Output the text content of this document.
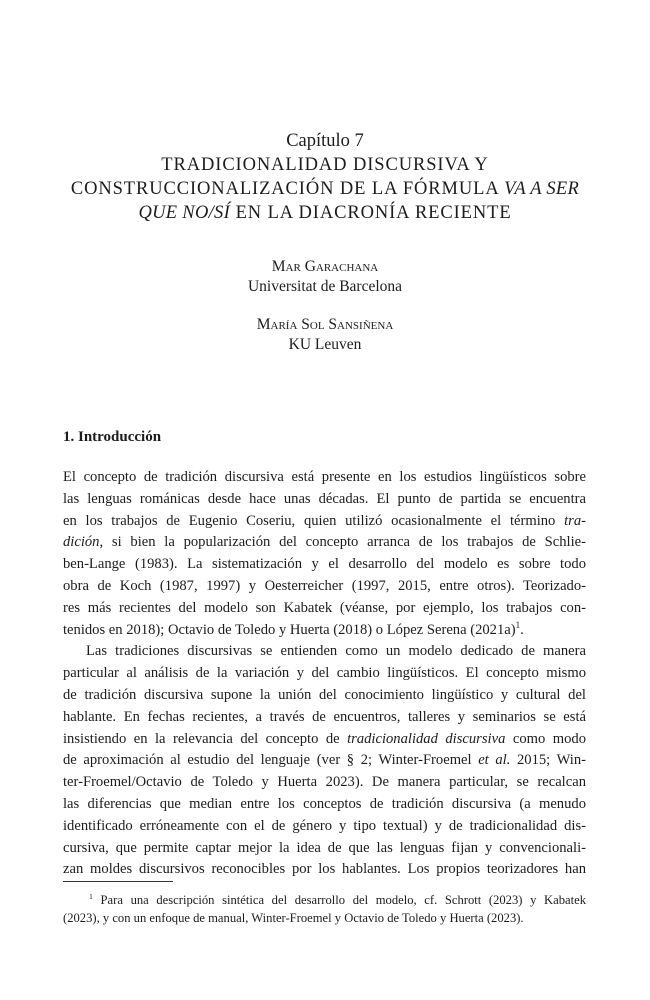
Capítulo 7
TRADICIONALIDAD DISCURSIVA Y
CONSTRUCCIONALIZACIÓN DE LA FÓRMULA VA A SER
QUE NO/SÍ EN LA DIACRONÍA RECIENTE
Mar Garachana
Universitat de Barcelona
María Sol Sansiñena
KU Leuven
1. Introducción
El concepto de tradición discursiva está presente en los estudios lingüísticos sobre
las lenguas románicas desde hace unas décadas. El punto de partida se encuentra
en los trabajos de Eugenio Coseriu, quien utilizó ocasionalmente el término tra-
dición, si bien la popularización del concepto arranca de los trabajos de Schlie-
ben-Lange (1983). La sistematización y el desarrollo del modelo es sobre todo
obra de Koch (1987, 1997) y Oesterreicher (1997, 2015, entre otros). Teorizado-
res más recientes del modelo son Kabatek (véanse, por ejemplo, los trabajos con-
tenidos en 2018); Octavio de Toledo y Huerta (2018) o López Serena $(2021a)^1$.
Las tradiciones discursivas se entienden como un modelo dedicado de manera
particular al análisis de la variación y del cambio lingüísticos. El concepto mismo
de tradición discursiva supone la unión del conocimiento lingüístico y cultural del
hablante. En fechas recientes, a través de encuentros, talleres y seminarios se está
insistiendo en la relevancia del concepto de tradicionalidad discursiva como modo
de aproximación al estudio del lenguaje (ver § 2; Winter-Froemel et al. 2015; Win-
ter-Froemel/Octavio de Toledo y Huerta 2023). De manera particular, se recalcan
las diferencias que median entre los conceptos de tradición discursiva (a menudo
identificado erróneamente con el de género y tipo textual) y de tradicionalidad dis-
cursiva, que permite captar mejor la idea de que las lenguas fijan y convencionali-
zan moldes discursivos reconocibles por los hablantes. Los propios teorizadores han
$^1$ Para una descripción sintética del desarrollo del modelo, cf. Schrott (2023) y Kabatek
(2023), y con un enfoque de manual, Winter-Froemel y Octavio de Toledo y Huerta (2023).
